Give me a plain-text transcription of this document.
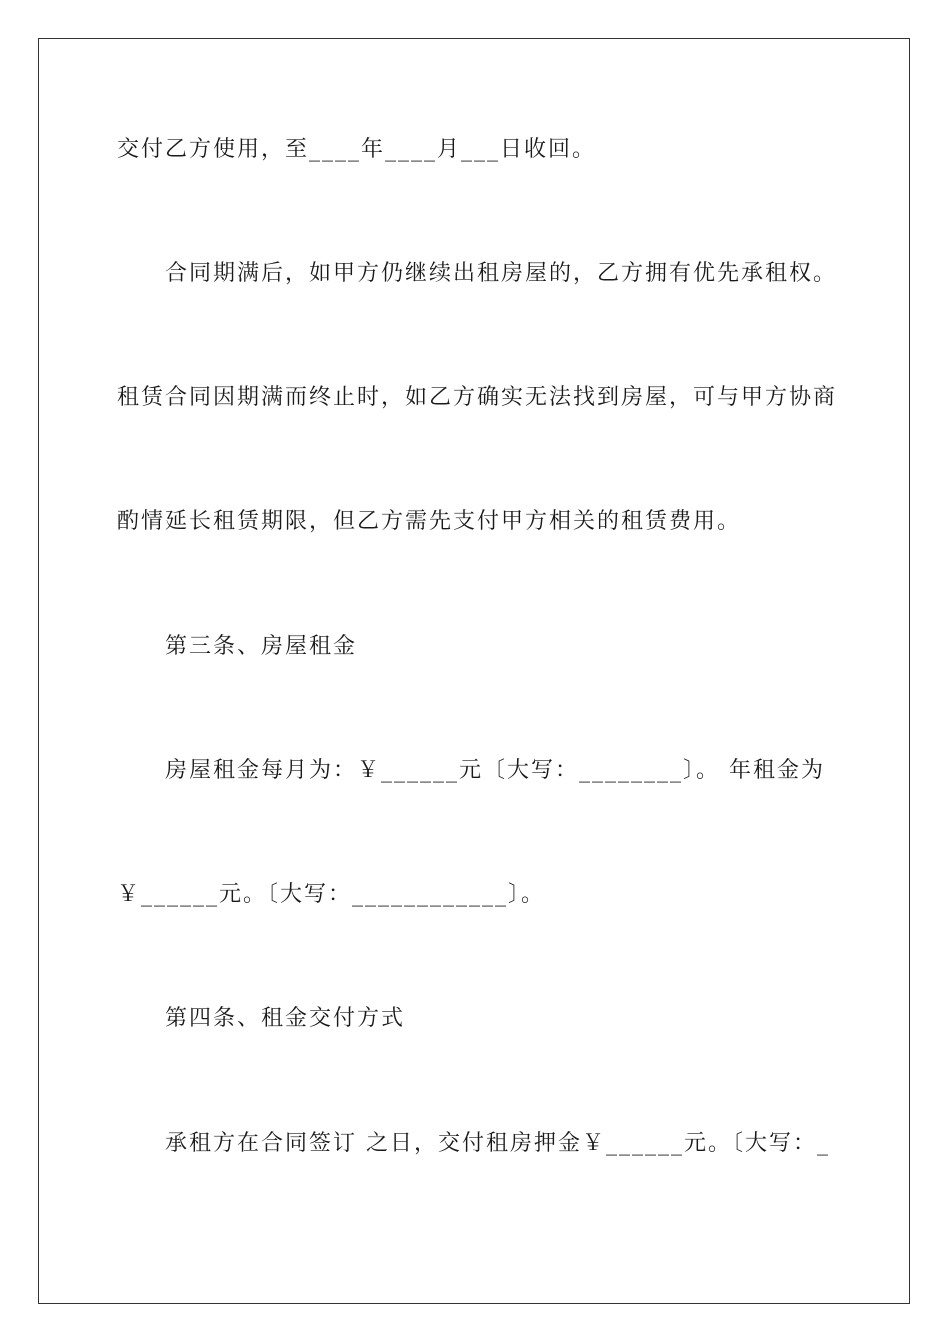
交付乙方使用，至____年____月___日收回。
合同期满后，如甲方仍继续出租房屋的，乙方拥有优先承租权。
租赁合同因期满而终止时，如乙方确实无法找到房屋，可与甲方协商
酌情延长租赁期限，但乙方需先支付甲方相关的租赁费用。
第三条、房屋租金
房屋租金每月为：￥______元〔大写：________〕。 年租金为
￥______元。〔大写：____________〕。
第四条、租金交付方式
承租方在合同签订 之日，交付租房押金￥______元。〔大写：_
